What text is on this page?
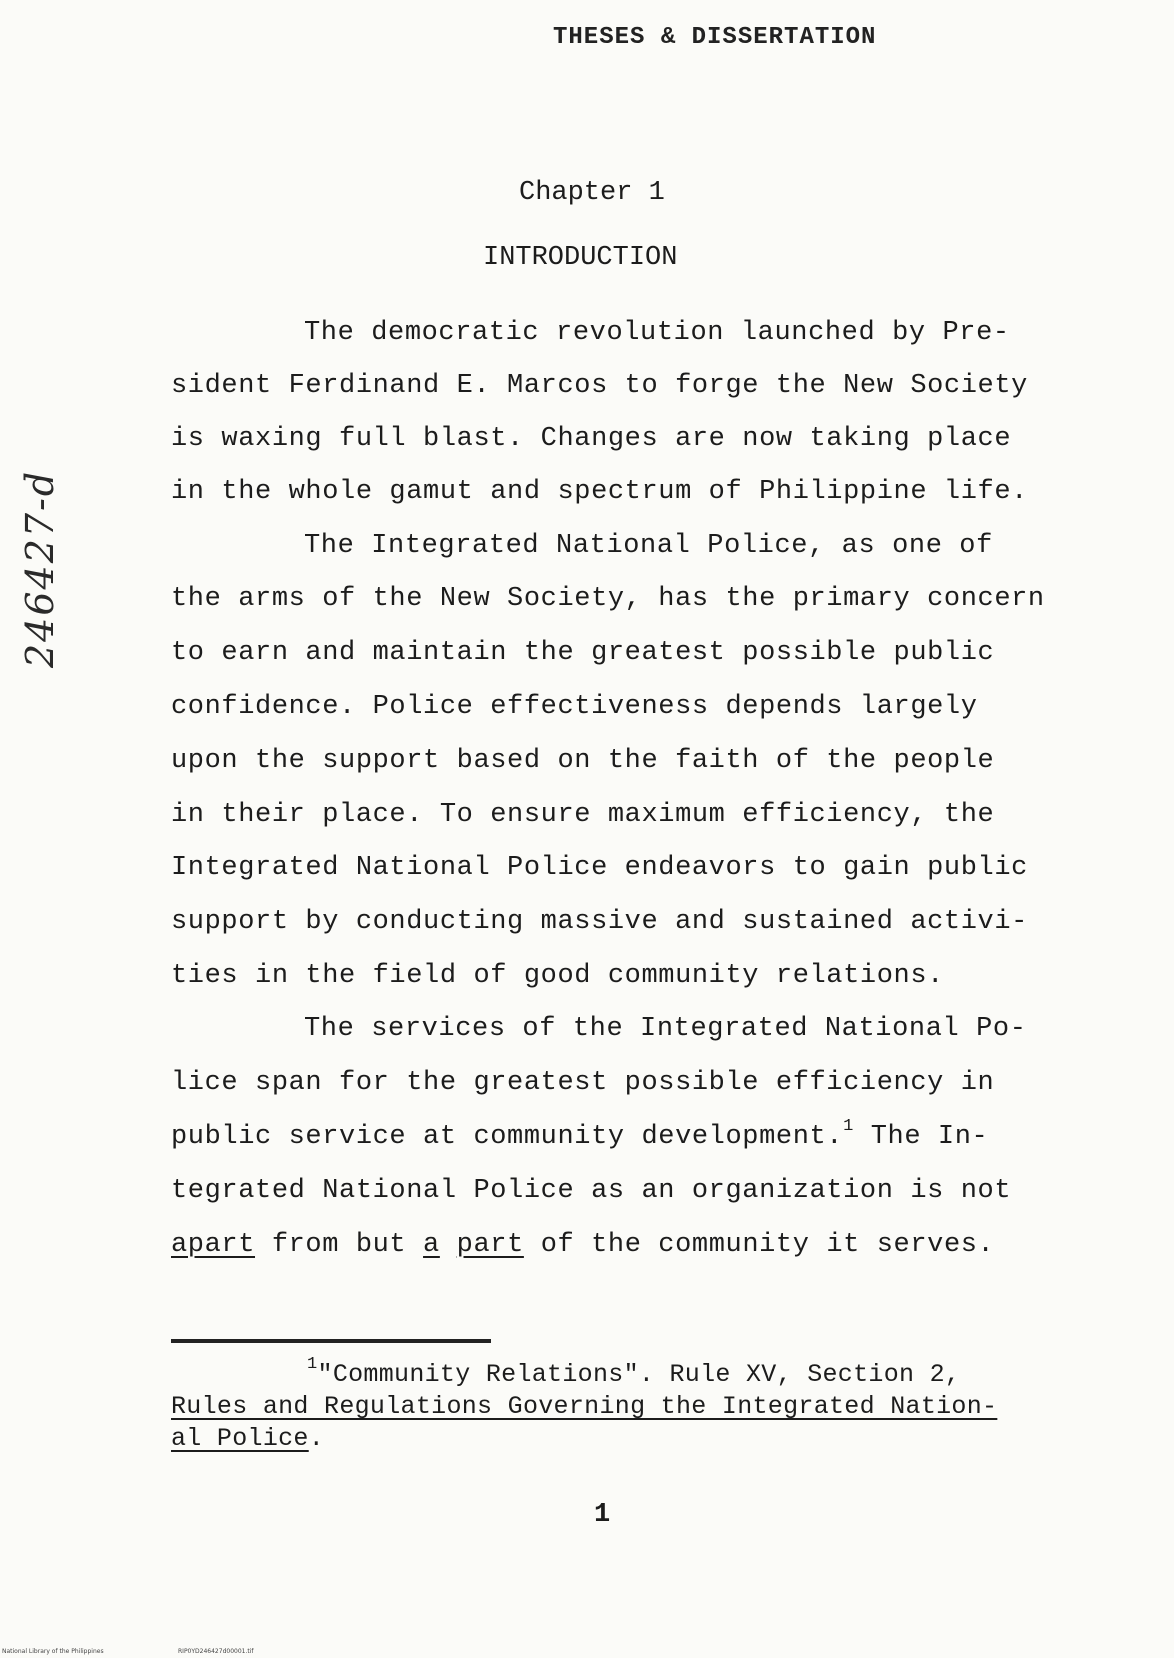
THESES & DISSERTATION
246427-d
Chapter 1
INTRODUCTION
The democratic revolution launched by Pre-
sident Ferdinand E. Marcos to forge the New Society
is waxing full blast. Changes are now taking place
in the whole gamut and spectrum of Philippine life.
The Integrated National Police, as one of
the arms of the New Society, has the primary concern
to earn and maintain the greatest possible public
confidence. Police effectiveness depends largely
upon the support based on the faith of the people
in their place. To ensure maximum efficiency, the
Integrated National Police endeavors to gain public
support by conducting massive and sustained activi-
ties in the field of good community relations.
The services of the Integrated National Po-
lice span for the greatest possible efficiency in
public service at community development.$^1$ The In-
tegrated National Police as an organization is not
apart from but a part of the community it serves.
$^1$"Community Relations". Rule XV, Section 2,
Rules and Regulations Governing the Integrated Nation-
al Police.
1
National Library of the Philippines	RIP0YD246427d00001.tif
